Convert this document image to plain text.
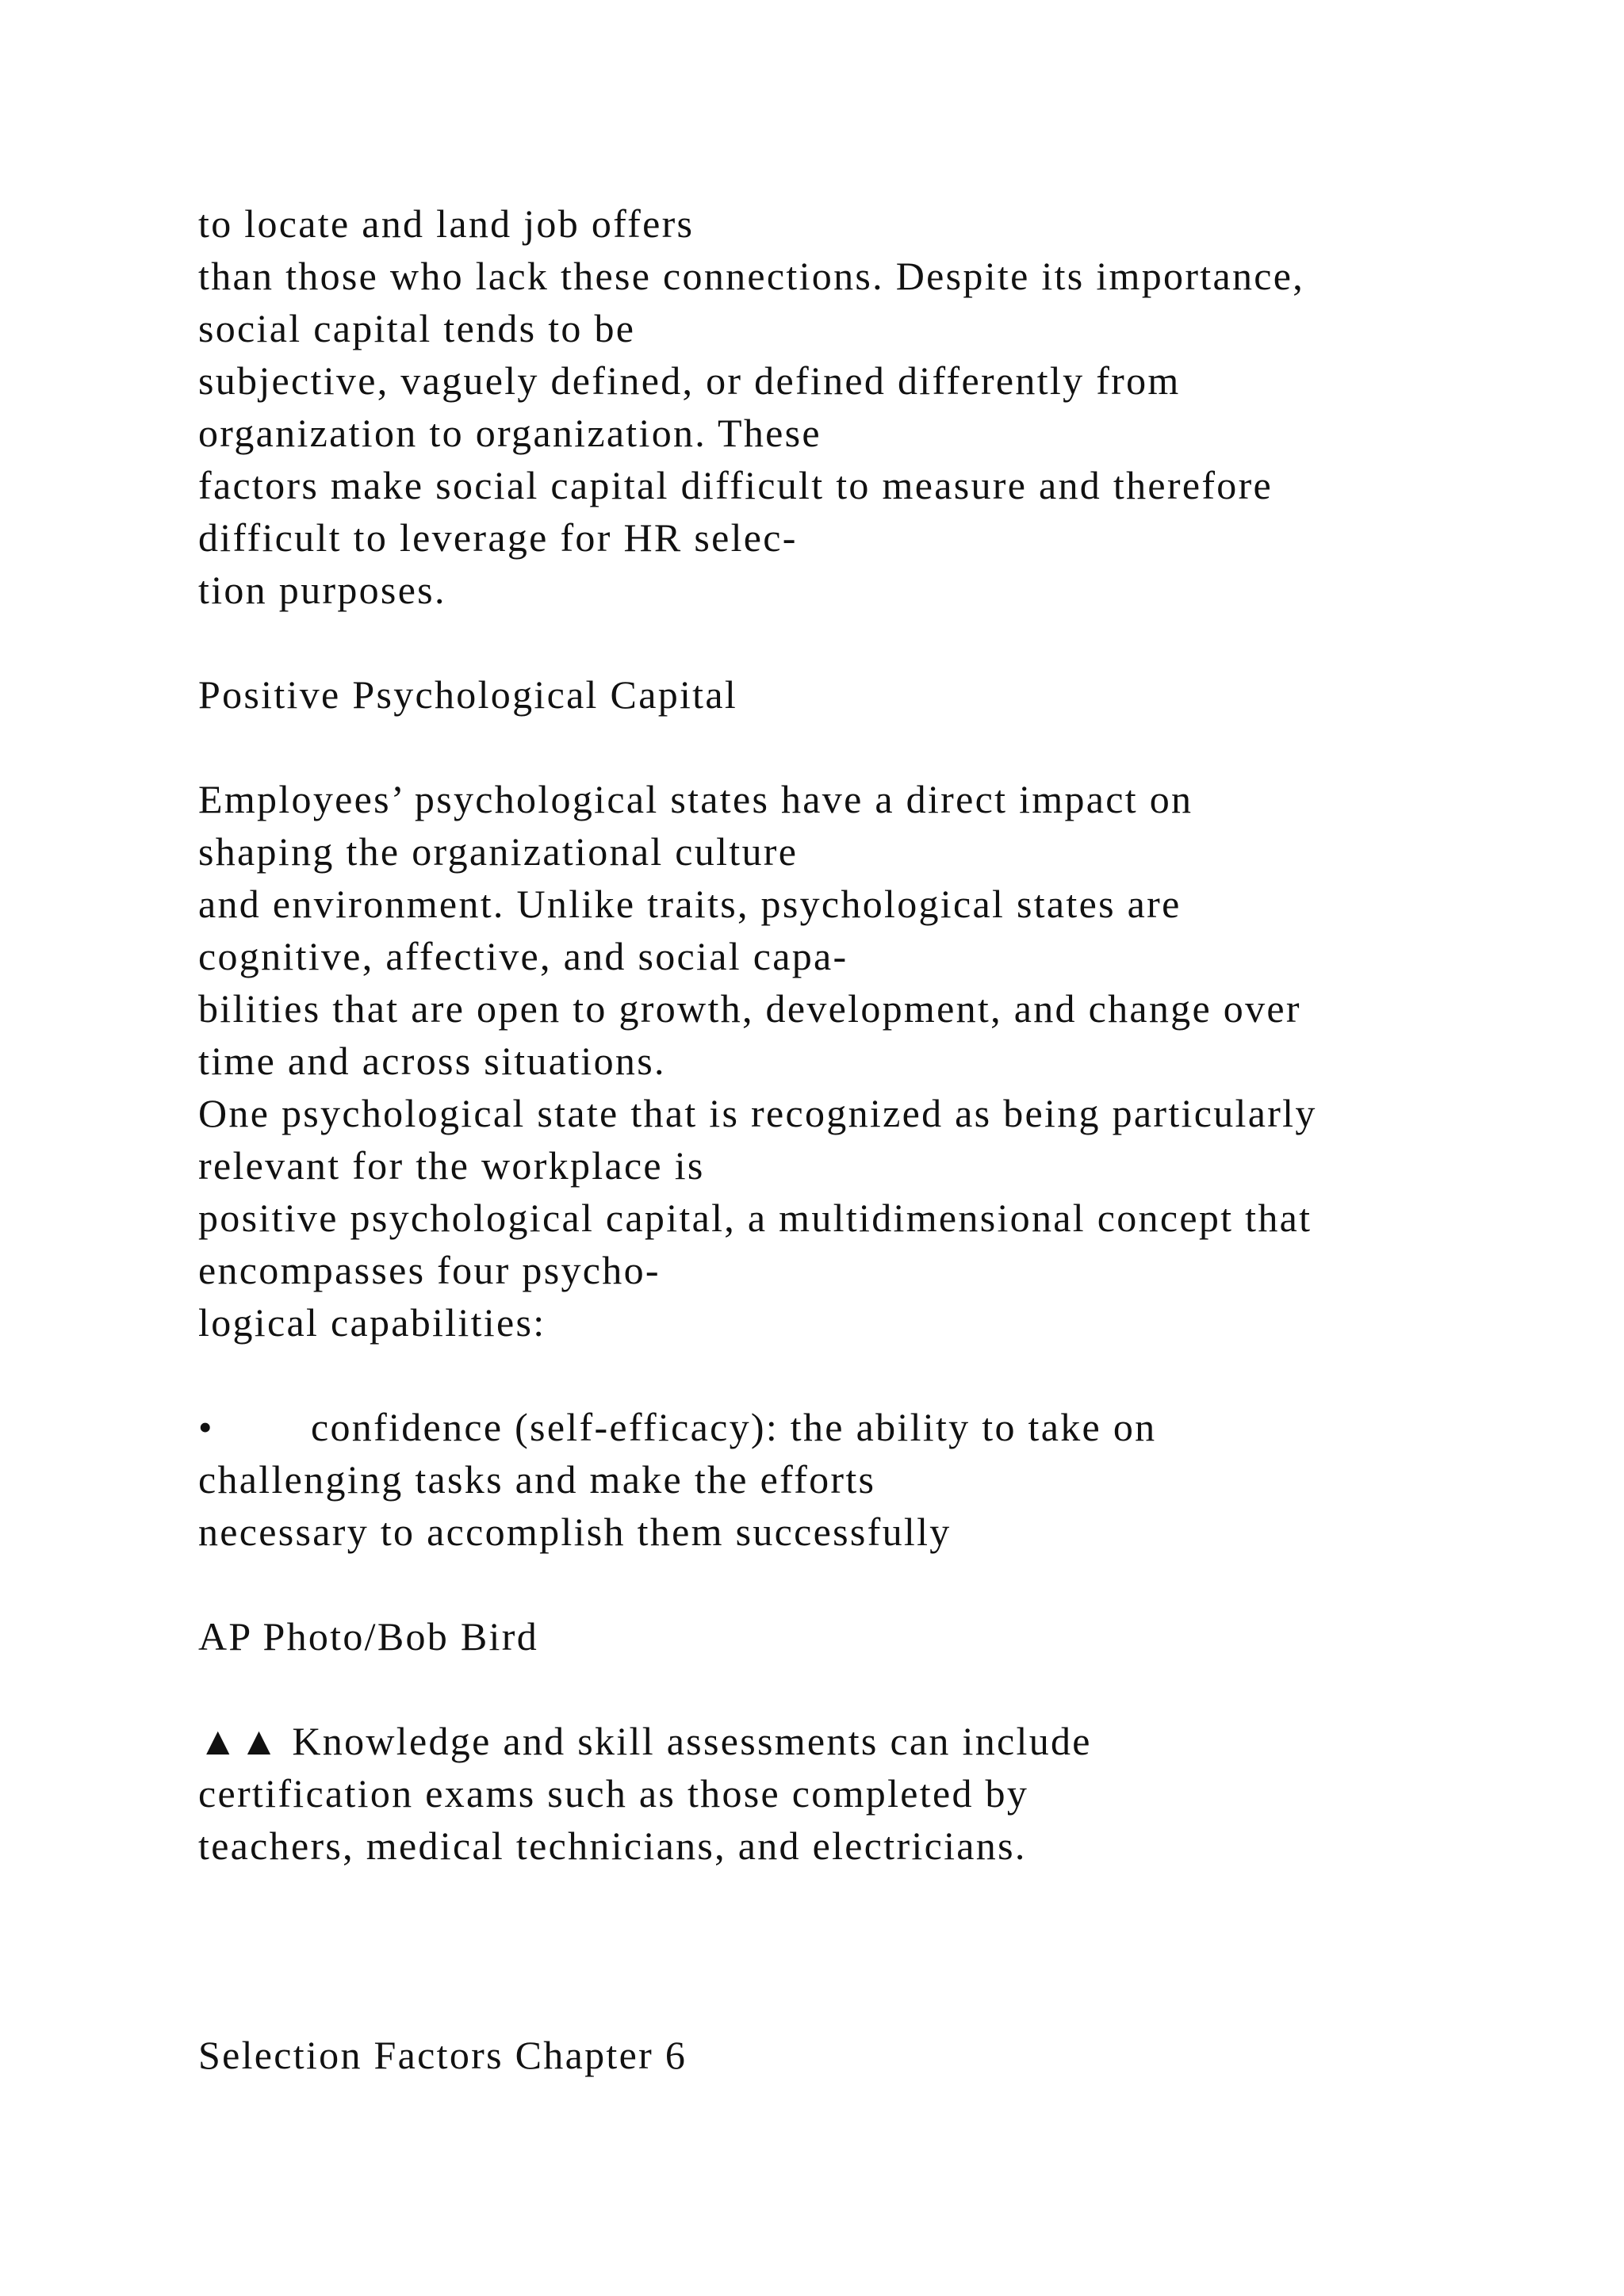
to locate and land job offers
than those who lack these connections. Despite its importance,
social capital tends to be
subjective, vaguely defined, or defined differently from
organization to organization. These
factors make social capital difficult to measure and therefore
difficult to leverage for HR selec-
tion purposes.
Positive Psychological Capital
Employees’ psychological states have a direct impact on
shaping the organizational culture
and environment. Unlike traits, psychological states are
cognitive, affective, and social capa-
bilities that are open to growth, development, and change over
time and across situations.
One psychological state that is recognized as being particularly
relevant for the workplace is
positive psychological capital, a multidimensional concept that
encompasses four psycho-
logical capabilities:
• confidence (self-efficacy): the ability to take on
challenging tasks and make the efforts
necessary to accomplish them successfully
AP Photo/Bob Bird
▲▲ Knowledge and skill assessments can include
certification exams such as those completed by
teachers, medical technicians, and electricians.
Selection Factors Chapter 6
